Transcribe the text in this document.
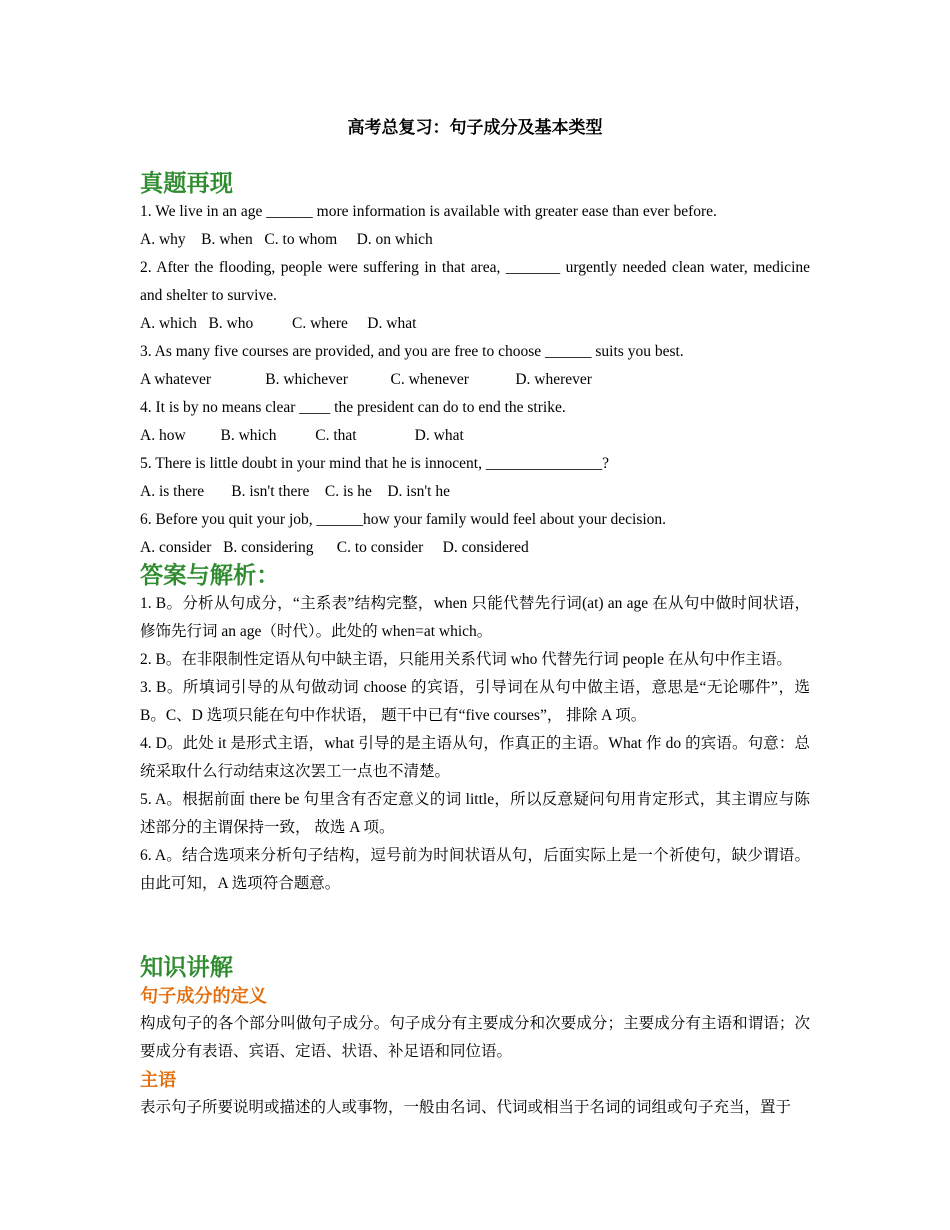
高考总复习：句子成分及基本类型
真题再现

1. We live in an age ______ more information is available with greater ease than ever before.

A. why    B. when   C. to whom     D. on which

2. After the flooding, people were suffering in that area, _______ urgently needed clean water, medicine and shelter to survive.

A. which   B. who          C. where     D. what

3. As many five courses are provided, and you are free to choose ______ suits you best.

A whatever              B. whichever           C. whenever            D. wherever

4. It is by no means clear ____ the president can do to end the strike.

A. how         B. which          C. that               D. what

5. There is little doubt in your mind that he is innocent, _______________?

A. is there       B. isn't there    C. is he    D. isn't he

6. Before you quit your job, ______how your family would feel about your decision.

A. consider   B. considering      C. to consider     D. considered

答案与解析：

1. B。分析从句成分，“主系表”结构完整，when 只能代替先行词(at) an age 在从句中做时间状语，修饰先行词 an age（时代）。此处的 when=at which。

2. B。在非限制性定语从句中缺主语，只能用关系代词 who 代替先行词 people 在从句中作主语。

3. B。所填词引导的从句做动词 choose 的宾语，引导词在从句中做主语，意思是“无论哪件”，选 B。C、D 选项只能在句中作状语， 题干中已有“five courses”， 排除 A 项。

4. D。此处 it 是形式主语，what 引导的是主语从句，作真正的主语。What 作 do 的宾语。句意：总统采取什么行动结束这次罢工一点也不清楚。

5. A。根据前面 there be 句里含有否定意义的词 little，所以反意疑问句用肯定形式，其主谓应与陈述部分的主谓保持一致， 故选 A 项。

6. A。结合选项来分析句子结构，逗号前为时间状语从句，后面实际上是一个祈使句，缺少谓语。由此可知，A 选项符合题意。

知识讲解
句子成分的定义

构成句子的各个部分叫做句子成分。句子成分有主要成分和次要成分；主要成分有主语和谓语；次要成分有表语、宾语、定语、状语、补足语和同位语。

主语

表示句子所要说明或描述的人或事物，一般由名词、代词或相当于名词的词组或句子充当，置于
